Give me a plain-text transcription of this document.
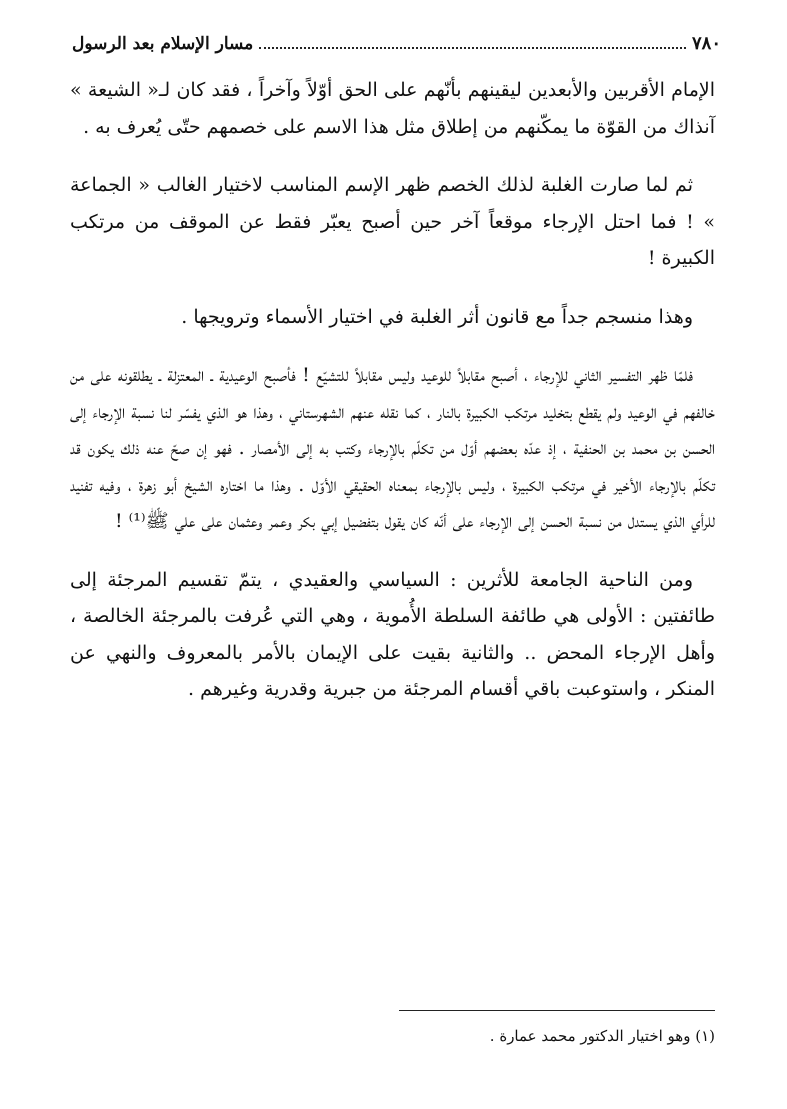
٧٨٠
مسار الإسلام بعد الرسول

الإمام الأقربين والأبعدين ليقينهم بأنّهم على الحق أوّلاً وآخراً ، فقد كان لـ« الشيعة » آنذاك من القوّة ما يمكّنهم من إطلاق مثل هذا الاسم على خصمهم حتّى يُعرف به .

ثم لما صارت الغلبة لذلك الخصم ظهر الإسم المناسب لاختيار الغالب « الجماعة » ! فما احتل الإرجاء موقعاً آخر حين أصبح يعبّر فقط عن الموقف من مرتكب الكبيرة !

وهذا منسجم جداً مع قانون أثر الغلبة في اختيار الأسماء وترويجها .

فلمّا ظهر التفسير الثاني للإرجاء ، أصبح مقابلاً للوعيد وليس مقابلاً للتشيّع ! فأصبح الوعيدية ـ المعتزلة ـ يطلقونه على من خالفهم في الوعيد ولم يقطع بتخليد مرتكب الكبيرة بالنار ، كما نقله عنهم الشهرستاني ، وهذا هو الذي يفسّر لنا نسبة الإرجاء إلى الحسن بن محمد بن الحنفية ، إذ عدّه بعضهم أوّل من تكلّم بالإرجاء وكتب به إلى الأمصار . فهو إن صحّ عنه ذلك يكون قد تكلّم بالإرجاء الأخير في مرتكب الكبيرة ، وليس بالإرجاء بمعناه الحقيقي الأوّل . وهذا ما اختاره الشيخ أبو زهرة ، وفيه تفنيد للرأي الذي يستدل من نسبة الحسن إلى الإرجاء على أنّه كان يقول بتفضيل إبي بكر وعمر وعثمان على علي ﷺ⁽¹⁾ !

ومن الناحية الجامعة للأثرين : السياسي والعقيدي ، يتمّ تقسيم المرجئة إلى طائفتين : الأولى هي طائفة السلطة الأُموية ، وهي التي عُرفت بالمرجئة الخالصة ، وأهل الإرجاء المحض .. والثانية بقيت على الإيمان بالأمر بالمعروف والنهي عن المنكر ، واستوعبت باقي أقسام المرجئة من جبرية وقدرية وغيرهم .

(١) وهو اختيار الدكتور محمد عمارة .
